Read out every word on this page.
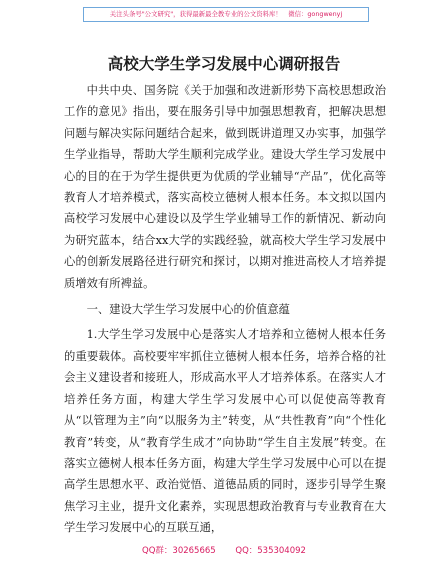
关注头条号"公文研究"，获得最新最全教专业的公文资料库！　微信：gongwenyj
高校大学生学习发展中心调研报告

中共中央、国务院《关于加强和改进新形势下高校思想政治工作的意见》指出，要在服务引导中加强思想教育，把解决思想问题与解决实际问题结合起来，做到既讲道理又办实事，加强学生学业指导，帮助大学生顺利完成学业。建设大学生学习发展中心的目的在于为学生提供更为优质的学业辅导“产品”，优化高等教育人才培养模式，落实高校立德树人根本任务。本文拟以国内高校学习发展中心建设以及学生学业辅导工作的新情况、新动向为研究蓝本，结合xx大学的实践经验，就高校大学生学习发展中心的创新发展路径进行研究和探讨，以期对推进高校人才培养提质增效有所裨益。

一、建设大学生学习发展中心的价值意蕴

1.大学生学习发展中心是落实人才培养和立德树人根本任务的重要载体。高校要牢牢抓住立德树人根本任务，培养合格的社会主义建设者和接班人，形成高水平人才培养体系。在落实人才培养任务方面，构建大学生学习发展中心可以促使高等教育从“以管理为主”向“以服务为主”转变，从“共性教育”向“个性化教育”转变，从“教育学生成才”向协助“学生自主发展”转变。在落实立德树人根本任务方面，构建大学生学习发展中心可以在提高学生思想水平、政治觉悟、道德品质的同时，逐步引导学生聚焦学习主业，提升文化素养，实现思想政治教育与专业教育在大学生学习发展中心的互联互通，

QQ群：30265665 QQ：535304092
